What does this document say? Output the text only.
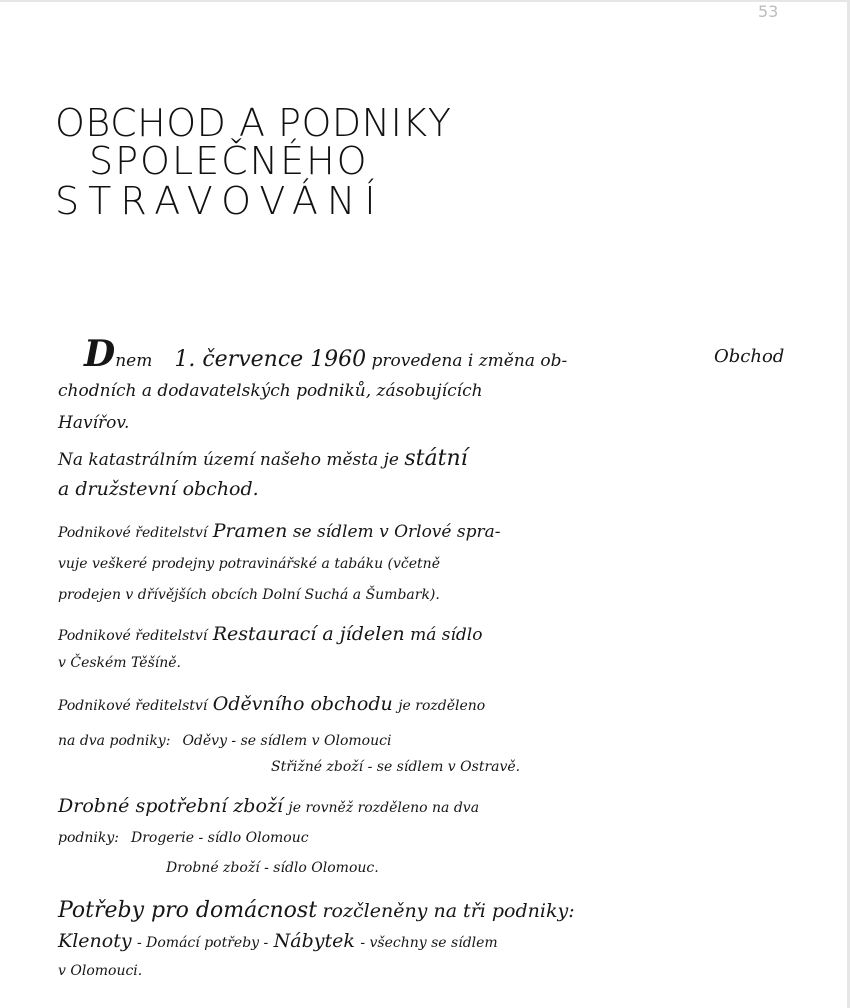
53
OBCHOD A PODNIKY
SPOLEČNÉHO
STRAVOVÁNÍ
Obchod
Dnem 1. července 1960 provedena i změna ob-
chodních a dodavatelských podniků, zásobujících
Havířov.
Na katastrálním území našeho města je státní
a družstevní obchod.
Podnikové ředitelství Pramen se sídlem v Orlové spra-
vuje veškeré prodejny potravinářské a tabáku (včetně
prodejen v dřívějších obcích Dolní Suchá a Šumbark).
Podnikové ředitelství Restaurací a jídelen má sídlo
v Českém Těšíně.
Podnikové ředitelství Oděvního obchodu je rozděleno
na dva podniky: Oděvy - se sídlem v Olomouci
Střižné zboží - se sídlem v Ostravě.
Drobné spotřební zboží je rovněž rozděleno na dva
podniky: Drogerie - sídlo Olomouc
Drobné zboží - sídlo Olomouc.
Potřeby pro domácnost rozčleněny na tři podniky:
Klenoty - Domácí potřeby - Nábytek - všechny se sídlem
v Olomouci.
